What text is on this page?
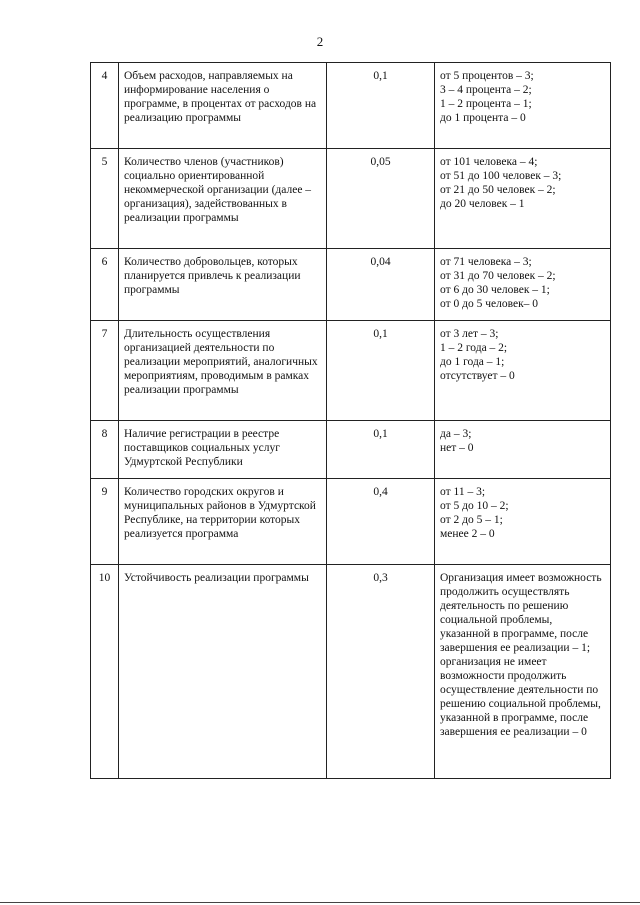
2
4	Объем расходов, направляемых на информирование населения о программе, в процентах от расходов на реализацию программы	0,1	от 5 процентов – 3;
3 – 4 процента – 2;
1 – 2 процента – 1;
до 1 процента – 0

5	Количество членов (участников) социально ориентированной некоммерческой организации (далее – организация), задействованных в реализации программы	0,05	от 101 человека – 4;
от 51 до 100 человек – 3;
от 21 до 50 человек – 2;
до 20 человек – 1

6	Количество добровольцев, которых планируется привлечь к реализации программы	0,04	от 71 человека – 3;
от 31 до 70 человек – 2;
от 6 до 30 человек – 1;
от 0 до 5 человек– 0

7	Длительность осуществления организацией деятельности по реализации мероприятий, аналогичных мероприятиям, проводимым в рамках реализации программы	0,1	от 3 лет – 3;
1 – 2 года – 2;
до 1 года – 1;
отсутствует – 0

8	Наличие регистрации в реестре поставщиков социальных услуг Удмуртской Республики	0,1	да – 3;
нет – 0

9	Количество городских округов и муниципальных районов в Удмуртской Республике, на территории которых реализуется программа	0,4	от 11 – 3;
от 5 до 10 – 2;
от 2 до 5 – 1;
менее 2 – 0

10	Устойчивость реализации программы	0,3	Организация имеет возможность продолжить осуществлять деятельность по решению социальной проблемы, указанной в программе, после завершения ее реализации – 1;
организация не имеет возможности продолжить осуществление деятельности по решению социальной проблемы, указанной в программе, после завершения ее реализации – 0
